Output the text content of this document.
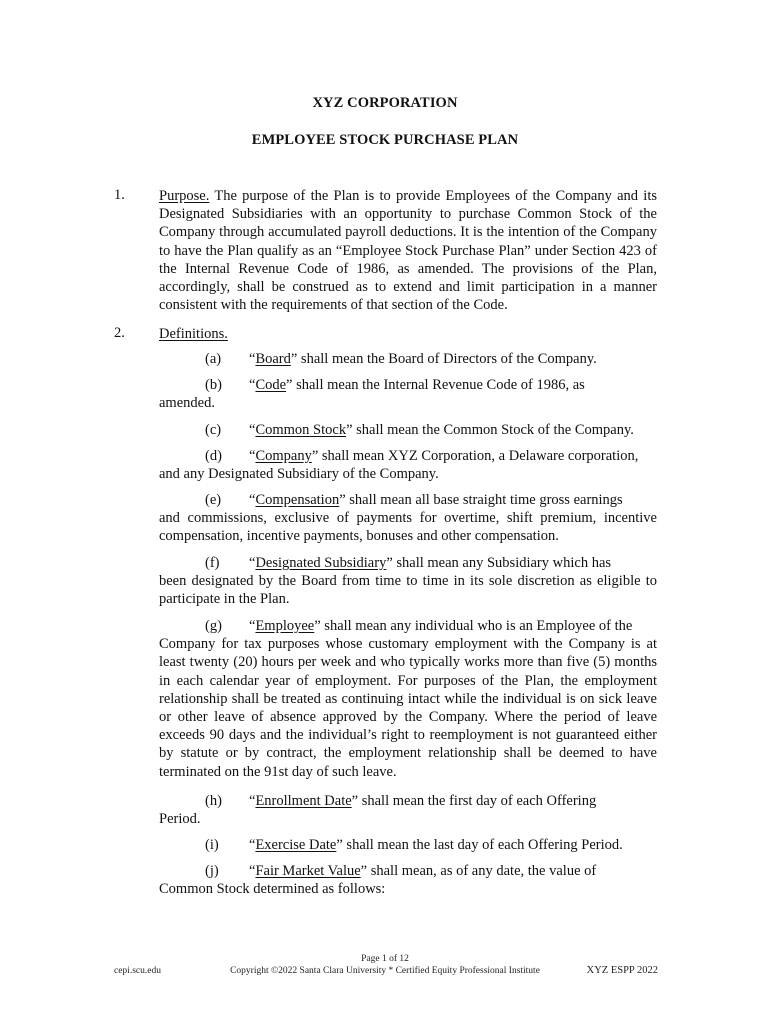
XYZ CORPORATION
EMPLOYEE STOCK PURCHASE PLAN
1. Purpose. The purpose of the Plan is to provide Employees of the Company and its Designated Subsidiaries with an opportunity to purchase Common Stock of the Company through accumulated payroll deductions. It is the intention of the Company to have the Plan qualify as an “Employee Stock Purchase Plan” under Section 423 of the Internal Revenue Code of 1986, as amended. The provisions of the Plan, accordingly, shall be construed as to extend and limit participation in a manner consistent with the requirements of that section of the Code.
2. Definitions.
(a) “Board” shall mean the Board of Directors of the Company.
(b) “Code” shall mean the Internal Revenue Code of 1986, as
amended.
(c) “Common Stock” shall mean the Common Stock of the Company.
(d) “Company” shall mean XYZ Corporation, a Delaware corporation,
and any Designated Subsidiary of the Company.
(e) “Compensation” shall mean all base straight time gross earnings
and commissions, exclusive of payments for overtime, shift premium, incentive compensation, incentive payments, bonuses and other compensation.
(f) “Designated Subsidiary” shall mean any Subsidiary which has
been designated by the Board from time to time in its sole discretion as eligible to participate in the Plan.
(g) “Employee” shall mean any individual who is an Employee of the
Company for tax purposes whose customary employment with the Company is at least twenty (20) hours per week and who typically works more than five (5) months in each calendar year of employment. For purposes of the Plan, the employment relationship shall be treated as continuing intact while the individual is on sick leave or other leave of absence approved by the Company. Where the period of leave exceeds 90 days and the individual’s right to reemployment is not guaranteed either by statute or by contract, the employment relationship shall be deemed to have terminated on the 91st day of such leave.
(h) “Enrollment Date” shall mean the first day of each Offering
Period.
(i) “Exercise Date” shall mean the last day of each Offering Period.
(j) “Fair Market Value” shall mean, as of any date, the value of
Common Stock determined as follows:
Page 1 of 12
cepi.scu.edu	Copyright ©2022 Santa Clara University * Certified Equity Professional Institute	XYZ ESPP 2022
